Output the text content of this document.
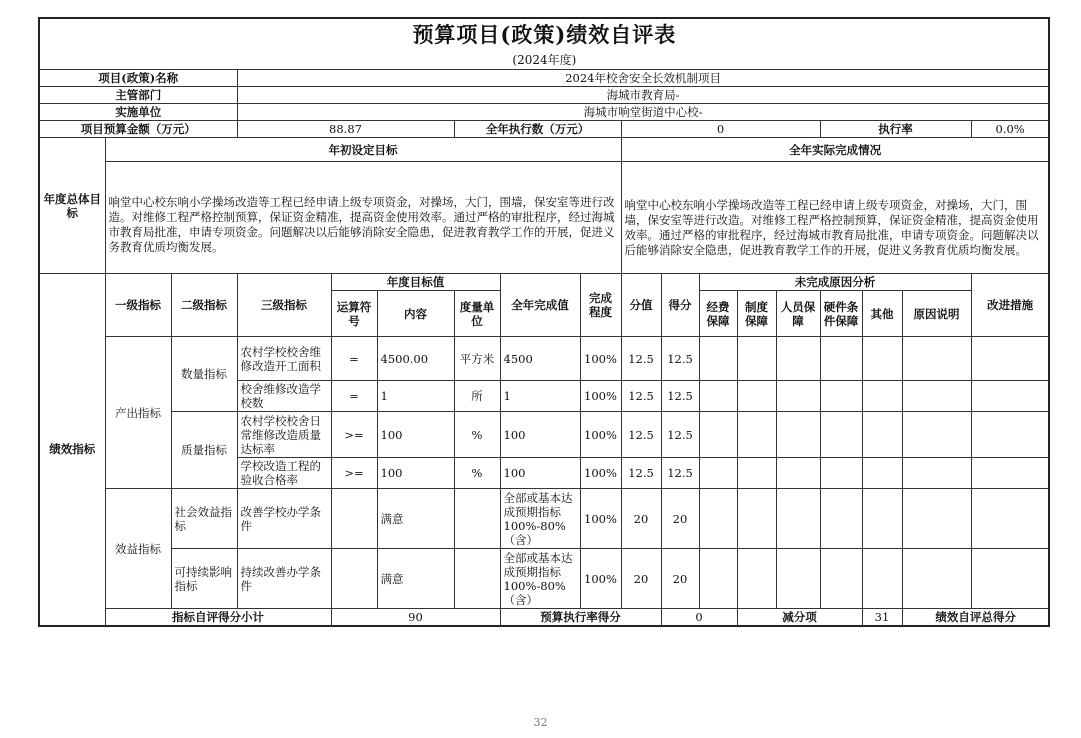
预算项目(政策)绩效自评表																		
(2024年度)																		
项目(政策)名称			2024年校舍安全长效机制项目															
主管部门			海城市教育局-															
实施单位			海城市响堂街道中心校-															
项目预算金额（万元）			88.87			全年执行数（万元）			0					执行率			0.0%	
年度总体目标	年初设定目标								全年实际完成情况									
	响堂中心校东响小学操场改造等工程已经申请上级专项资金，对操场，大门，围墙，保安室等进行改造。对维修工程严格控制预算，保证资金精准，提高资金使用效率。通过严格的审批程序，经过海城市教育局批准，申请专项资金。问题解决以后能够消除安全隐患，促进教育教学工作的开展，促进义务教育优质均衡发展。								响堂中心校东响小学操场改造等工程已经申请上级专项资金，对操场，大门，围墙，保安室等进行改造。对维修工程严格控制预算，保证资金精准，提高资金使用效率。通过严格的审批程序，经过海城市教育局批准，申请专项资金。问题解决以后能够消除安全隐患，促进教育教学工作的开展，促进义务教育优质均衡发展。									
绩效指标	一级指标	二级指标	三级指标	年度目标值			全年完成值	完成程度	分值	得分	未完成原因分析						改进措施	
				运算符号	内容	度量单位					经费保障	制度保障	人员保障	硬件条件保障	其他	原因说明		
	产出指标	数量指标	农村学校校舍维修改造开工面积	=	4500.00	平方米	4500	100%	12.5	12.5								
			校舍维修改造学校数	=	1	所	1	100%	12.5	12.5								
		质量指标	农村学校校舍日常维修改造质量达标率	>=	100	%	100	100%	12.5	12.5								
			学校改造工程的验收合格率	>=	100	%	100	100%	12.5	12.5								
	效益指标	社会效益指标	改善学校办学条件		满意		全部或基本达成预期指标100%-80%（含）	100%	20	20								
		可持续影响指标	持续改善办学条件		满意		全部或基本达成预期指标100%-80%（含）	100%	20	20								
	指标自评得分小计			90			预算执行率得分			0		减分项			31	绩效自评总得分	
32
